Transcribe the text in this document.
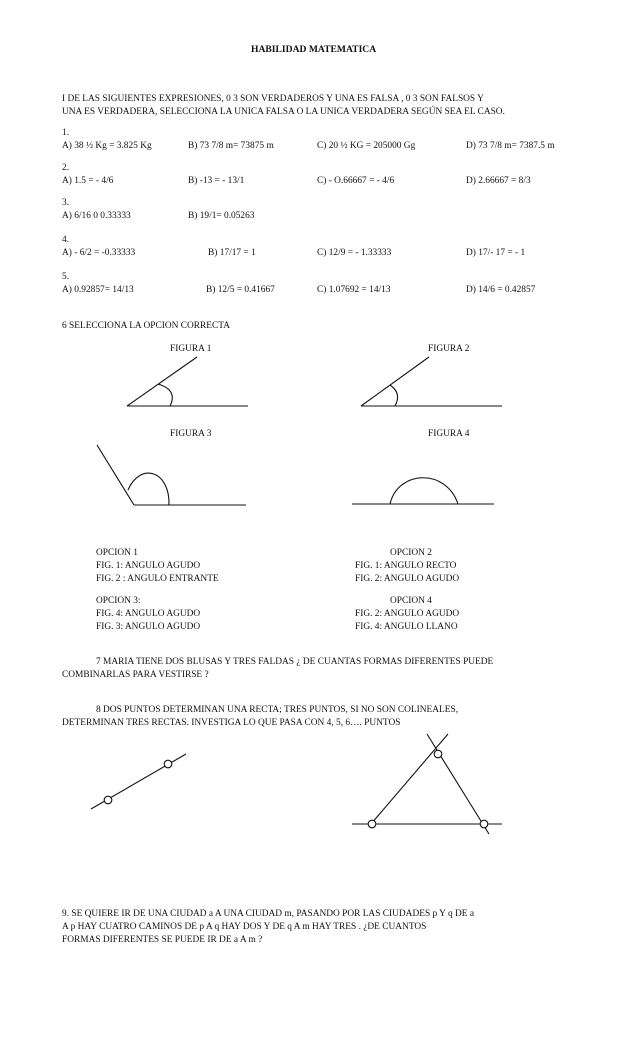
HABILIDAD MATEMATICA
I DE LAS SIGUIENTES EXPRESIONES, 0 3 SON VERDADEROS Y UNA ES FALSA , 0 3 SON FALSOS Y
UNA ES VERDADERA, SELECCIONA LA UNICA FALSA O LA UNICA VERDADERA SEGÚN SEA EL CASO.
1.
A) 38 ½ Kg = 3.825 Kg	B) 73 7/8 m= 73875 m	C) 20 ½ KG = 205000 Gg	D) 73 7/8 m= 7387.5 m
2.
A) 1.5 = - 4/6	B) -13 = - 13/1	C) - O.66667 = - 4/6	D) 2.66667 = 8/3
3.
A) 6/16 0 0.33333	B) 19/1= 0.05263
4.
A) - 6/2 = -0.33333	B) 17/17 = 1	C) 12/9 = - 1.33333	D) 17/- 17 = - 1
5.
A) 0.92857= 14/13	B) 12/5 = 0.41667	C) 1.07692 = 14/13	D) 14/6 = 0.42857
6 SELECCIONA LA OPCION CORRECTA
FIGURA 1	FIGURA 2
FIGURA 3	FIGURA 4
OPCION 1
FIG. 1: ANGULO AGUDO
FIG. 2 : ANGULO ENTRANTE
OPCION 2
FIG. 1: ANGULO RECTO
FIG. 2: ANGULO AGUDO
OPCION 3:
FIG. 4: ANGULO AGUDO
FIG. 3: ANGULO AGUDO
OPCION 4
FIG. 2: ANGULO AGUDO
FIG. 4: ANGULO LLANO
7 MARIA TIENE DOS BLUSAS Y TRES FALDAS ¿ DE CUANTAS FORMAS DIFERENTES PUEDE
COMBINARLAS PARA VESTIRSE ?
8 DOS PUNTOS DETERMINAN UNA RECTA; TRES PUNTOS, SI NO SON COLINEALES,
DETERMINAN TRES RECTAS. INVESTIGA LO QUE PASA CON 4, 5, 6…. PUNTOS
9. SE QUIERE IR DE UNA CIUDAD a A UNA CIUDAD m, PASANDO POR LAS CIUDADES p Y q DE a
A p HAY CUATRO CAMINOS DE p A q HAY DOS Y DE q A m HAY TRES . ¿DE CUANTOS
FORMAS DIFERENTES SE PUEDE IR DE a A m ?
